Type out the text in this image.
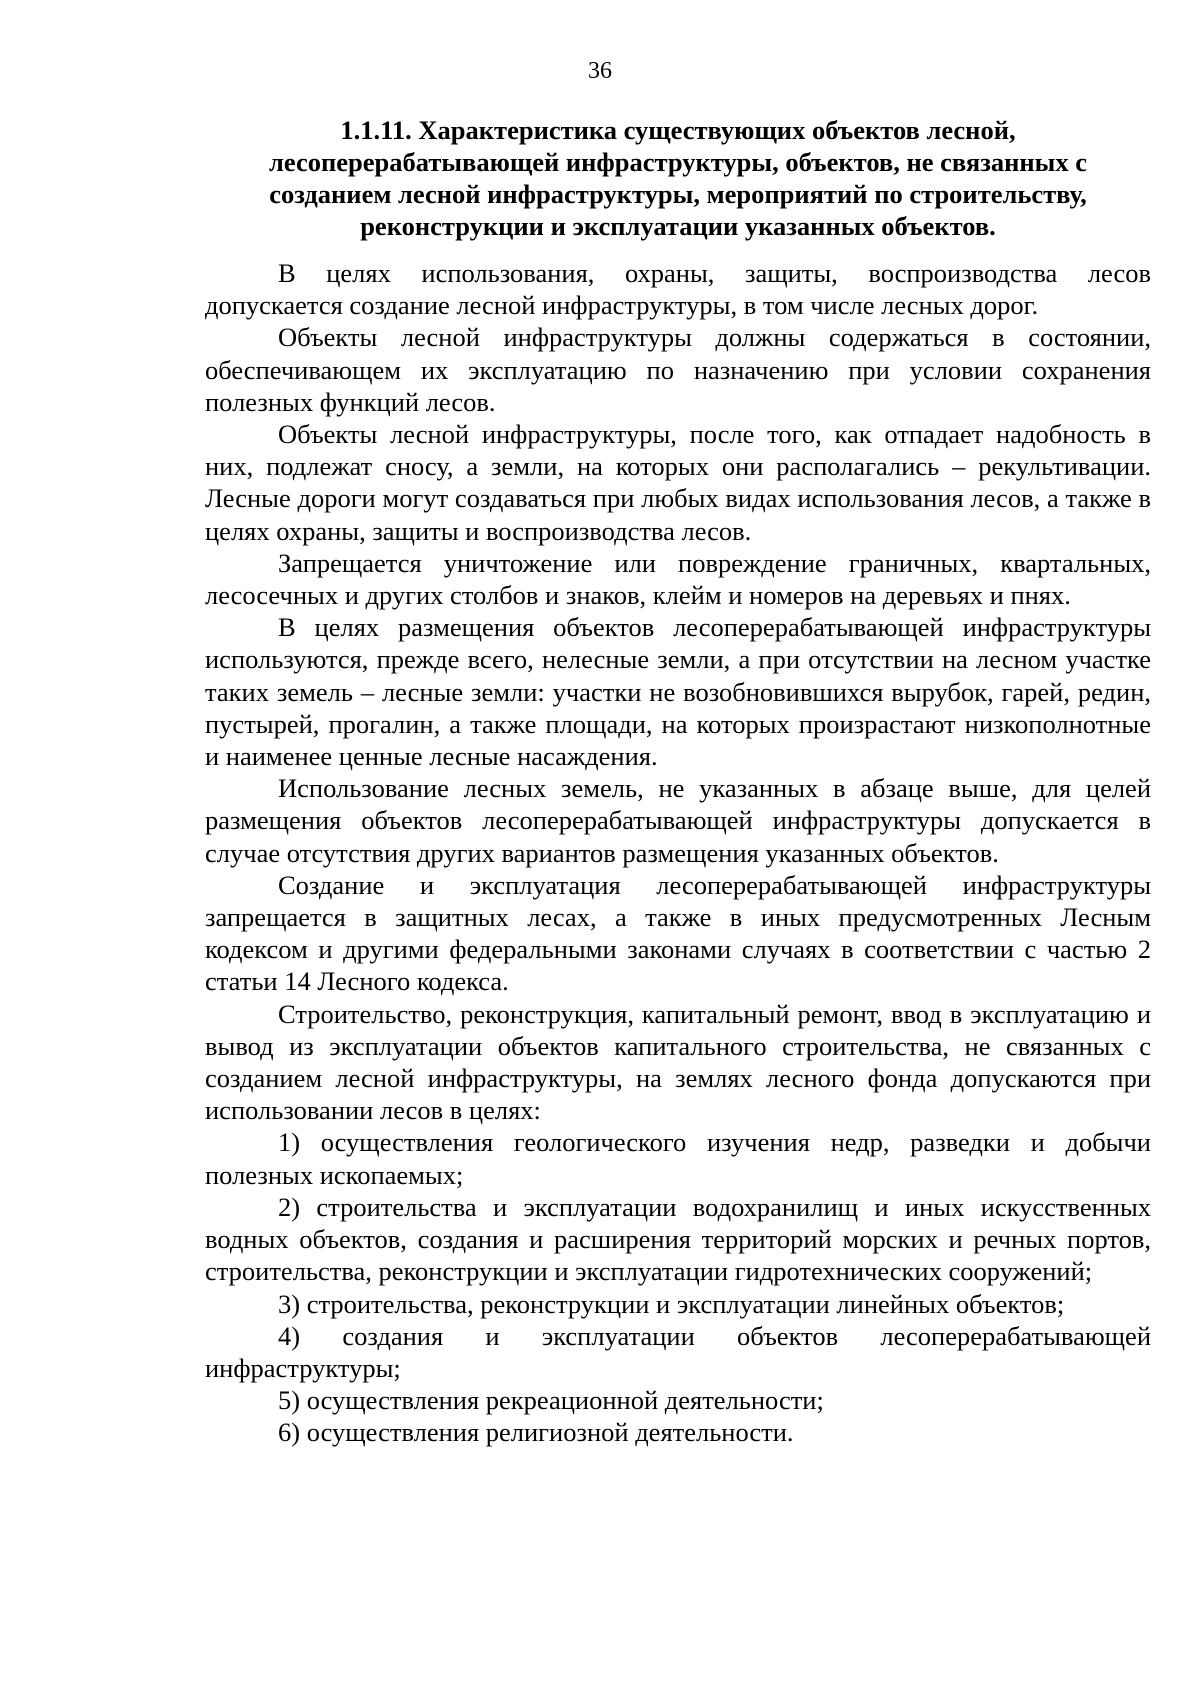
36
1.1.11. Характеристика существующих объектов лесной,
лесоперерабатывающей инфраструктуры, объектов, не связанных с
созданием лесной инфраструктуры, мероприятий по строительству,
реконструкции и эксплуатации указанных объектов.

В целях использования, охраны, защиты, воспроизводства лесов допускается создание лесной инфраструктуры, в том числе лесных дорог.

Объекты лесной инфраструктуры должны содержаться в состоянии, обеспечивающем их эксплуатацию по назначению при условии сохранения полезных функций лесов.

Объекты лесной инфраструктуры, после того, как отпадает надобность в них, подлежат сносу, а земли, на которых они располагались – рекультивации. Лесные дороги могут создаваться при любых видах использования лесов, а также в целях охраны, защиты и воспроизводства лесов.

Запрещается уничтожение или повреждение граничных, квартальных, лесосечных и других столбов и знаков, клейм и номеров на деревьях и пнях.

В целях размещения объектов лесоперерабатывающей инфраструктуры используются, прежде всего, нелесные земли, а при отсутствии на лесном участке таких земель – лесные земли: участки не возобновившихся вырубок, гарей, редин, пустырей, прогалин, а также площади, на которых произрастают низкополнотные и наименее ценные лесные насаждения.

Использование лесных земель, не указанных в абзаце выше, для целей размещения объектов лесоперерабатывающей инфраструктуры допускается в случае отсутствия других вариантов размещения указанных объектов.

Создание и эксплуатация лесоперерабатывающей инфраструктуры запрещается в защитных лесах, а также в иных предусмотренных Лесным кодексом и другими федеральными законами случаях в соответствии с частью 2 статьи 14 Лесного кодекса.

Строительство, реконструкция, капитальный ремонт, ввод в эксплуатацию и вывод из эксплуатации объектов капитального строительства, не связанных с созданием лесной инфраструктуры, на землях лесного фонда допускаются при использовании лесов в целях:

1) осуществления геологического изучения недр, разведки и добычи полезных ископаемых;

2) строительства и эксплуатации водохранилищ и иных искусственных водных объектов, создания и расширения территорий морских и речных портов, строительства, реконструкции и эксплуатации гидротехнических сооружений;

3) строительства, реконструкции и эксплуатации линейных объектов;

4) создания и эксплуатации объектов лесоперерабатывающей инфраструктуры;

5) осуществления рекреационной деятельности;

6) осуществления религиозной деятельности.
